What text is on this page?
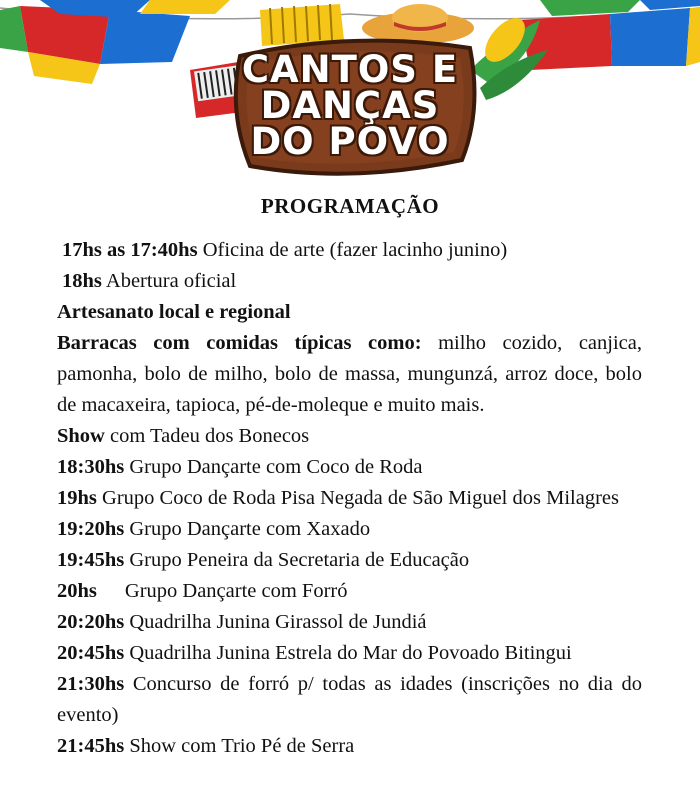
CANTOS E
DANÇAS
DO POVO
PROGRAMAÇÃO
17hs as 17:40hs Oficina de arte (fazer lacinho junino)
18hs Abertura oficial
Artesanato local e regional
Barracas com comidas típicas como: milho cozido, canjica, pamonha, bolo de milho, bolo de massa, mungunzá, arroz doce, bolo de macaxeira, tapioca, pé-de-moleque e muito mais.
Show com Tadeu dos Bonecos
18:30hs Grupo Dançarte com Coco de Roda
19hs Grupo Coco de Roda Pisa Negada de São Miguel dos Milagres
19:20hs Grupo Dançarte com Xaxado
19:45hs Grupo Peneira da Secretaria de Educação
20hs Grupo Dançarte com Forró
20:20hs Quadrilha Junina Girassol de Jundiá
20:45hs Quadrilha Junina Estrela do Mar do Povoado Bitingui
21:30hs Concurso de forró p/ todas as idades (inscrições no dia do evento)
21:45hs Show com Trio Pé de Serra
